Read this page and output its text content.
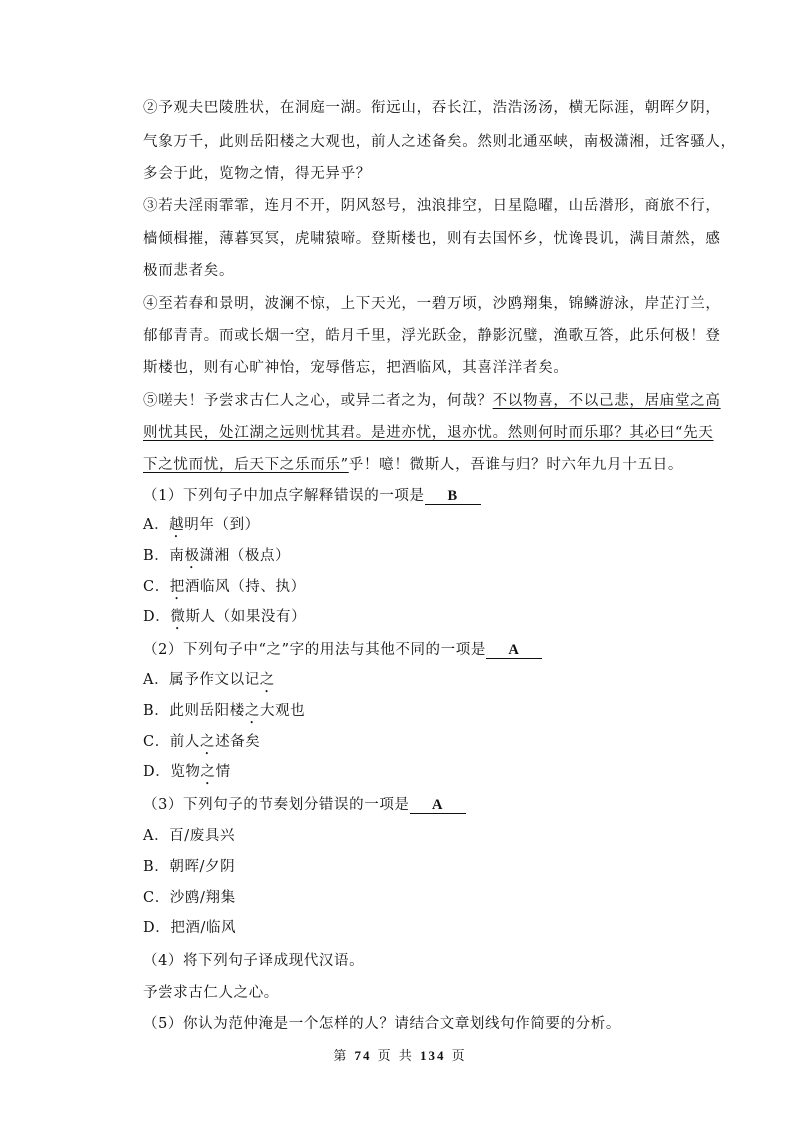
②予观夫巴陵胜状，在洞庭一湖。衔远山，吞长江，浩浩汤汤，横无际涯，朝晖夕阴，
气象万千，此则岳阳楼之大观也，前人之述备矣。然则北通巫峡，南极潇湘，迁客骚人，
多会于此，览物之情，得无异乎？
③若夫淫雨霏霏，连月不开，阴风怒号，浊浪排空，日星隐曜，山岳潜形，商旅不行，
樯倾楫摧，薄暮冥冥，虎啸猿啼。登斯楼也，则有去国怀乡，忧谗畏讥，满目萧然，感
极而悲者矣。
④至若春和景明，波澜不惊，上下天光，一碧万顷，沙鸥翔集，锦鳞游泳，岸芷汀兰，
郁郁青青。而或长烟一空，皓月千里，浮光跃金，静影沉璧，渔歌互答，此乐何极！登
斯楼也，则有心旷神怡，宠辱偕忘，把酒临风，其喜洋洋者矣。
⑤嗟夫！予尝求古仁人之心，或异二者之为，何哉？不以物喜，不以己悲，居庙堂之高
则忧其民，处江湖之远则忧其君。是进亦忧，退亦忧。然则何时而乐耶？其必曰“先天
下之忧而忧，后天下之乐而乐”乎！噫！微斯人，吾谁与归？时六年九月十五日。
（1）下列句子中加点字解释错误的一项是 B
A．越明年（到）
B．南极潇湘（极点）
C．把酒临风（持、执）
D．微斯人（如果没有）
（2）下列句子中“之”字的用法与其他不同的一项是 A
A．属予作文以记之
B．此则岳阳楼之大观也
C．前人之述备矣
D．览物之情
（3）下列句子的节奏划分错误的一项是 A
A．百/废具兴
B．朝晖/夕阴
C．沙鸥/翔集
D．把酒/临风
（4）将下列句子译成现代汉语。
予尝求古仁人之心。
（5）你认为范仲淹是一个怎样的人？请结合文章划线句作简要的分析。
第 74 页 共 134 页
